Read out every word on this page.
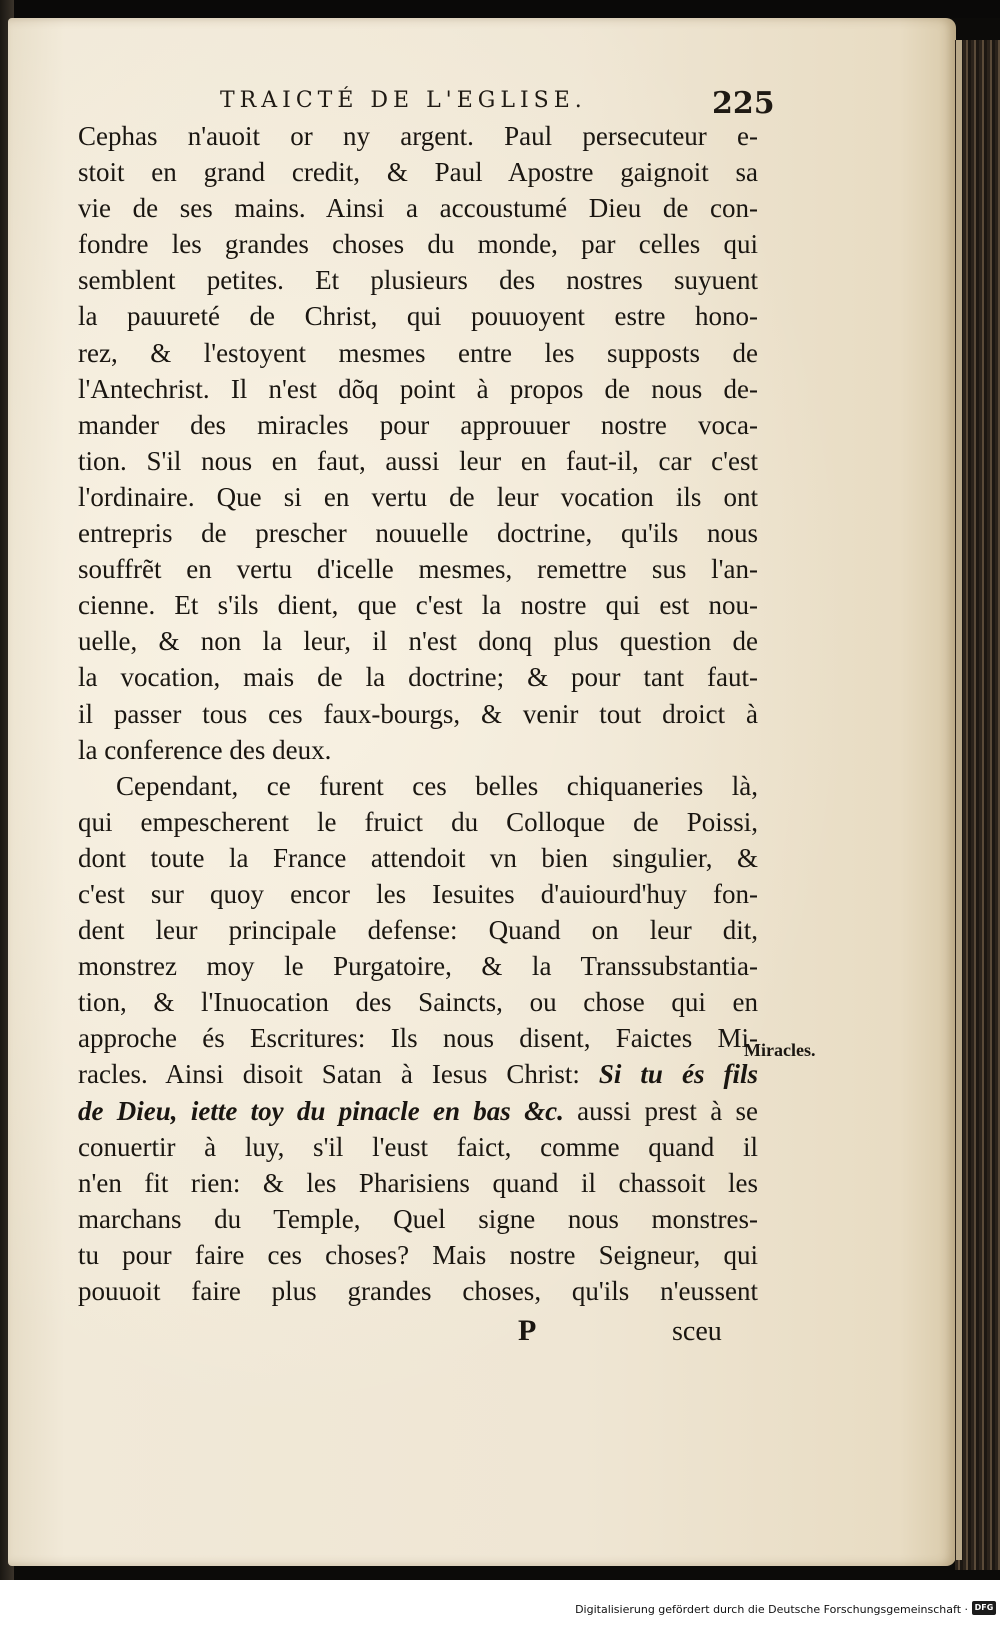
TRAICTÉ DE L'EGLISE.	225
Cephas n'auoit or ny argent. Paul persecuteur e-
stoit en grand credit, & Paul Apostre gaignoit sa
vie de ses mains. Ainsi a accoustumé Dieu de con-
fondre les grandes choses du monde, par celles qui
semblent petites. Et plusieurs des nostres suyuent
la pauureté de Christ, qui pouuoyent estre hono-
rez, & l'estoyent mesmes entre les supposts de
l'Antechrist. Il n'est dõq point à propos de nous de-
mander des miracles pour approuuer nostre voca-
tion. S'il nous en faut, aussi leur en faut-il, car c'est
l'ordinaire. Que si en vertu de leur vocation ils ont
entrepris de prescher nouuelle doctrine, qu'ils nous
souffrẽt en vertu d'icelle mesmes, remettre sus l'an-
cienne. Et s'ils dient, que c'est la nostre qui est nou-
uelle, & non la leur, il n'est donq plus question de
la vocation, mais de la doctrine; & pour tant faut-
il passer tous ces faux-bourgs, & venir tout droict à
la conference des deux.
Cependant, ce furent ces belles chiquaneries là,
qui empescherent le fruict du Colloque de Poissi,
dont toute la France attendoit vn bien singulier, &
c'est sur quoy encor les Iesuites d'auiourd'huy fon-
dent leur principale defense: Quand on leur dit,
monstrez moy le Purgatoire, & la Transsubstantia-
tion, & l'Inuocation des Saincts, ou chose qui en
approche és Escritures: Ils nous disent, Faictes Mi-
racles. Ainsi disoit Satan à Iesus Christ: Si tu és fils
de Dieu, iette toy du pinacle en bas &c. aussi prest à se
conuertir à luy, s'il l'eust faict, comme quand il
n'en fit rien: & les Pharisiens quand il chassoit les
marchans du Temple, Quel signe nous monstres-
tu pour faire ces choses? Mais nostre Seigneur, qui
pouuoit faire plus grandes choses, qu'ils n'eussent
Miracles.
P	sceu
Digitalisierung gefördert durch die Deutsche Forschungsgemeinschaft · DFG
